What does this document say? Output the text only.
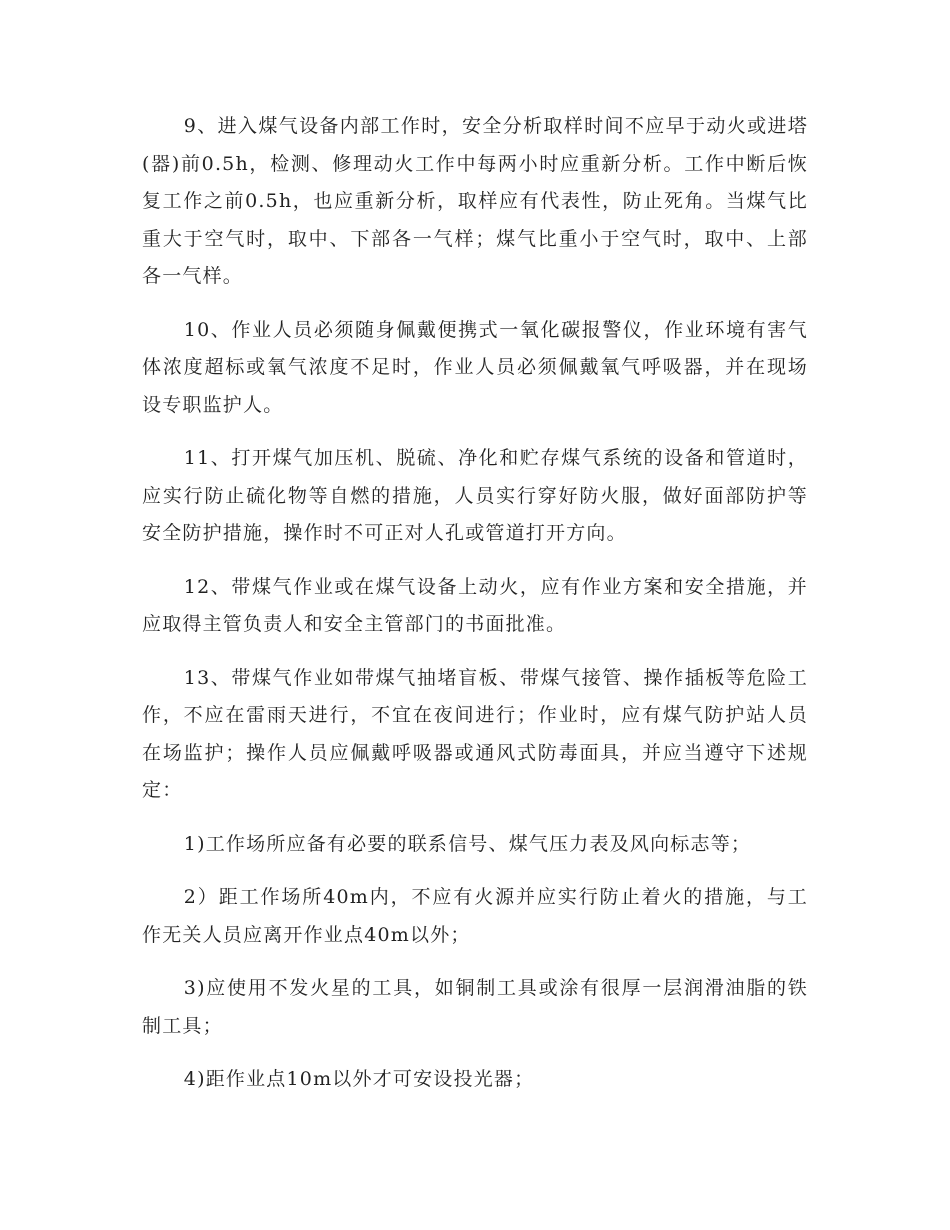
9、进入煤气设备内部工作时，安全分析取样时间不应早于动火或进塔(器)前0.5h，检测、修理动火工作中每两小时应重新分析。工作中断后恢复工作之前0.5h，也应重新分析，取样应有代表性，防止死角。当煤气比重大于空气时，取中、下部各一气样；煤气比重小于空气时，取中、上部各一气样。

10、作业人员必须随身佩戴便携式一氧化碳报警仪，作业环境有害气体浓度超标或氧气浓度不足时，作业人员必须佩戴氧气呼吸器，并在现场设专职监护人。

11、打开煤气加压机、脱硫、净化和贮存煤气系统的设备和管道时，应实行防止硫化物等自燃的措施，人员实行穿好防火服，做好面部防护等安全防护措施，操作时不可正对人孔或管道打开方向。

12、带煤气作业或在煤气设备上动火，应有作业方案和安全措施，并应取得主管负责人和安全主管部门的书面批准。

13、带煤气作业如带煤气抽堵盲板、带煤气接管、操作插板等危险工作，不应在雷雨天进行，不宜在夜间进行；作业时，应有煤气防护站人员在场监护；操作人员应佩戴呼吸器或通风式防毒面具，并应当遵守下述规定：

1)工作场所应备有必要的联系信号、煤气压力表及风向标志等；

2）距工作场所40m内，不应有火源并应实行防止着火的措施，与工作无关人员应离开作业点40m以外；

3)应使用不发火星的工具，如铜制工具或涂有很厚一层润滑油脂的铁制工具；

4)距作业点10m以外才可安设投光器；
